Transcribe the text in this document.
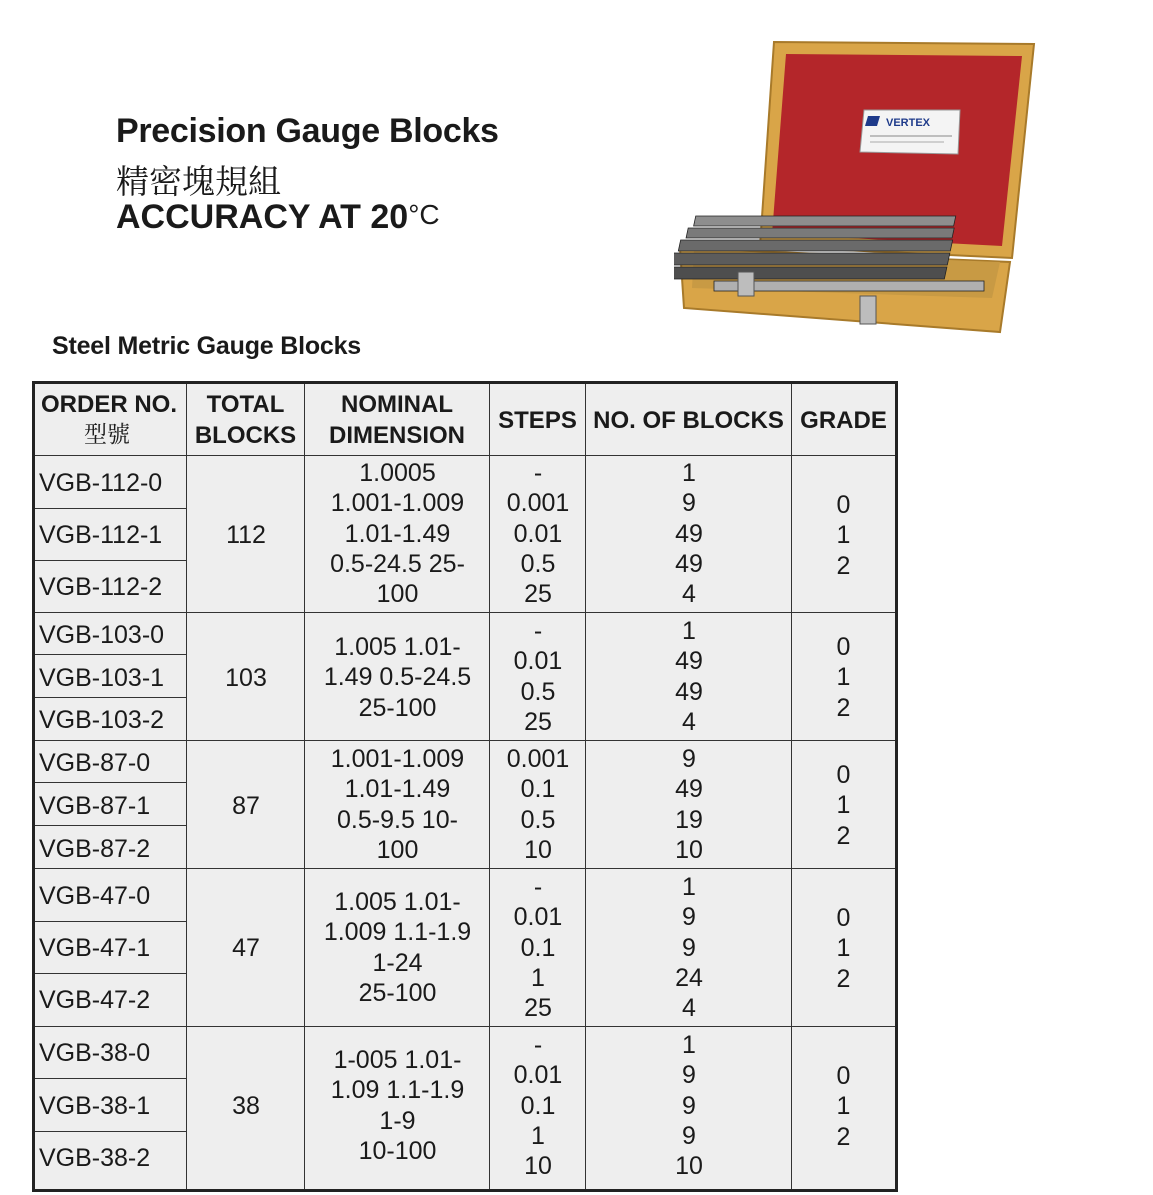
Precision Gauge Blocks
精密塊規組
ACCURACY AT 20°C
VERTEX
Steel Metric Gauge Blocks
ORDER NO.
型號
TOTAL
BLOCKS
NOMINAL
DIMENSION
STEPS NO. OF BLOCKS GRADE
VGB-112-0
VGB-112-1
VGB-112-2
112
1.0005
1.001-1.009
1.01-1.49
0.5-24.5 25-
100
-
0.001
0.01
0.5
25
1
9
49
49
4
0
1
2
VGB-103-0
VGB-103-1
VGB-103-2
103
1.005 1.01-
1.49 0.5-24.5
25-100
-
0.01
0.5
25
1
49
49
4
0
1
2
VGB-87-0
VGB-87-1
VGB-87-2
87
1.001-1.009
1.01-1.49
0.5-9.5 10-
100
0.001
0.1
0.5
10
9
49
19
10
0
1
2
VGB-47-0
VGB-47-1
VGB-47-2
47
1.005 1.01-
1.009 1.1-1.9
1-24
25-100
-
0.01
0.1
1
25
1
9
9
24
4
0
1
2
VGB-38-0
VGB-38-1
VGB-38-2
38
1-005 1.01-
1.09 1.1-1.9
1-9
10-100
-
0.01
0.1
1
10
1
9
9
9
10
0
1
2
